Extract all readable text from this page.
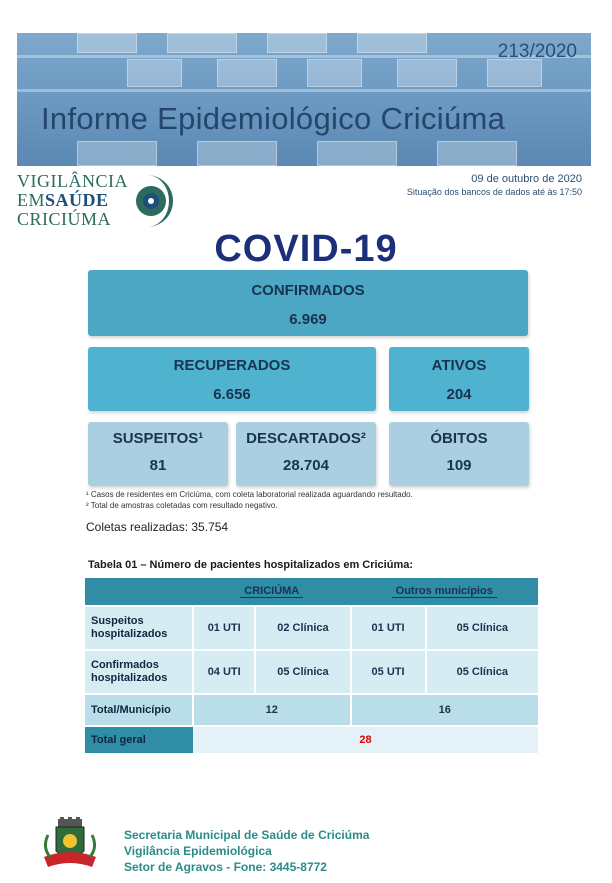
213/2020
Informe Epidemiológico Criciúma
VIGILÂNCIA
EMSAÚDE
CRICIÚMA
09 de outubro de 2020
Situação dos bancos de dados até às 17:50
COVID-19
CONFIRMADOS
6.969
RECUPERADOS
6.656
ATIVOS
204
SUSPEITOS¹
81
DESCARTADOS²
28.704
ÓBITOS
109
¹ Casos de residentes em Criciúma, com coleta laboratorial realizada aguardando resultado.
² Total de amostras coletadas com resultado negativo.
Coletas realizadas: 35.754
Tabela 01 – Número de pacientes hospitalizados em Criciúma:
	CRICIÚMA		Outros municípios	
Suspeitos hospitalizados	01 UTI	02 Clínica	01 UTI	05 Clínica
Confirmados hospitalizados	04 UTI	05 Clínica	05 UTI	05 Clínica
Total/Município	12		16	
Total geral	28			
Secretaria Municipal de Saúde de Criciúma
Vigilância Epidemiológica
Setor de Agravos - Fone: 3445-8772
